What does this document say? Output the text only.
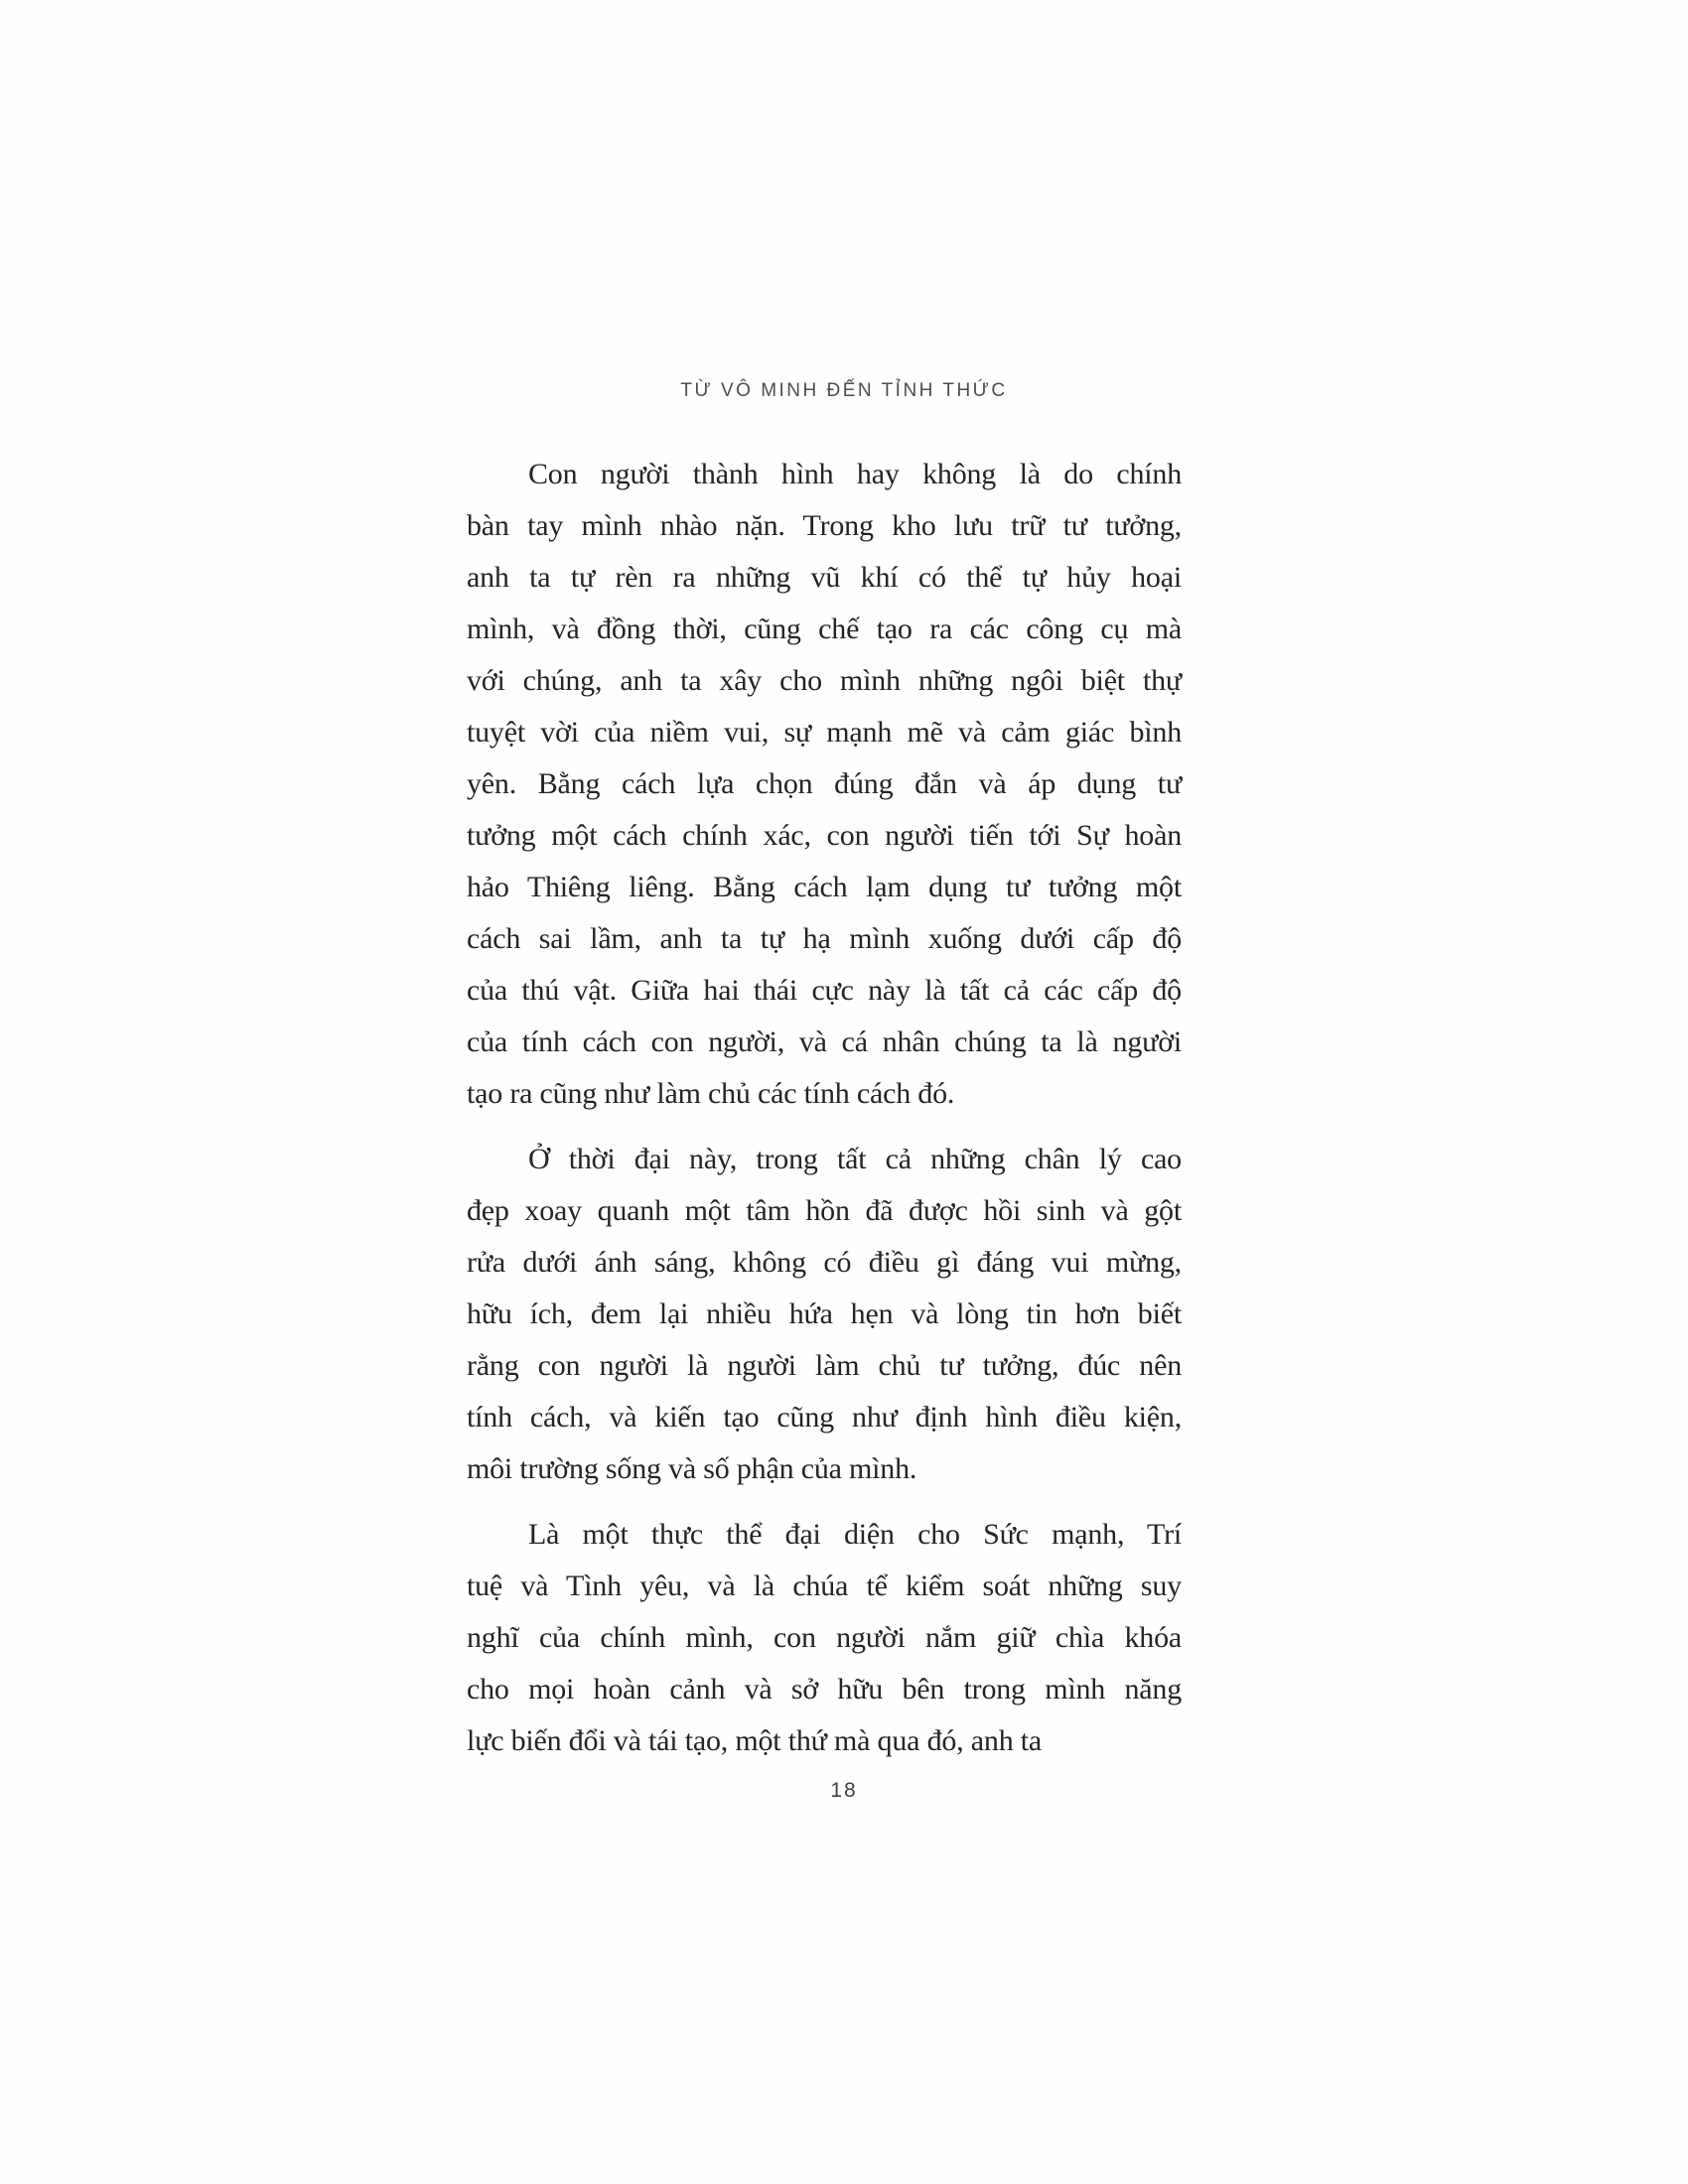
TỪ VÔ MINH ĐẾN TỈNH THỨC
Con người thành hình hay không là do chính
bàn tay mình nhào nặn. Trong kho lưu trữ tư tưởng,
anh ta tự rèn ra những vũ khí có thể tự hủy hoại
mình, và đồng thời, cũng chế tạo ra các công cụ mà
với chúng, anh ta xây cho mình những ngôi biệt thự
tuyệt vời của niềm vui, sự mạnh mẽ và cảm giác bình
yên. Bằng cách lựa chọn đúng đắn và áp dụng tư
tưởng một cách chính xác, con người tiến tới Sự hoàn
hảo Thiêng liêng. Bằng cách lạm dụng tư tưởng một
cách sai lầm, anh ta tự hạ mình xuống dưới cấp độ
của thú vật. Giữa hai thái cực này là tất cả các cấp độ
của tính cách con người, và cá nhân chúng ta là người
tạo ra cũng như làm chủ các tính cách đó.
Ở thời đại này, trong tất cả những chân lý cao
đẹp xoay quanh một tâm hồn đã được hồi sinh và gột
rửa dưới ánh sáng, không có điều gì đáng vui mừng,
hữu ích, đem lại nhiều hứa hẹn và lòng tin hơn biết
rằng con người là người làm chủ tư tưởng, đúc nên
tính cách, và kiến tạo cũng như định hình điều kiện,
môi trường sống và số phận của mình.
Là một thực thể đại diện cho Sức mạnh, Trí
tuệ và Tình yêu, và là chúa tể kiểm soát những suy
nghĩ của chính mình, con người nắm giữ chìa khóa
cho mọi hoàn cảnh và sở hữu bên trong mình năng
lực biến đổi và tái tạo, một thứ mà qua đó, anh ta
18
